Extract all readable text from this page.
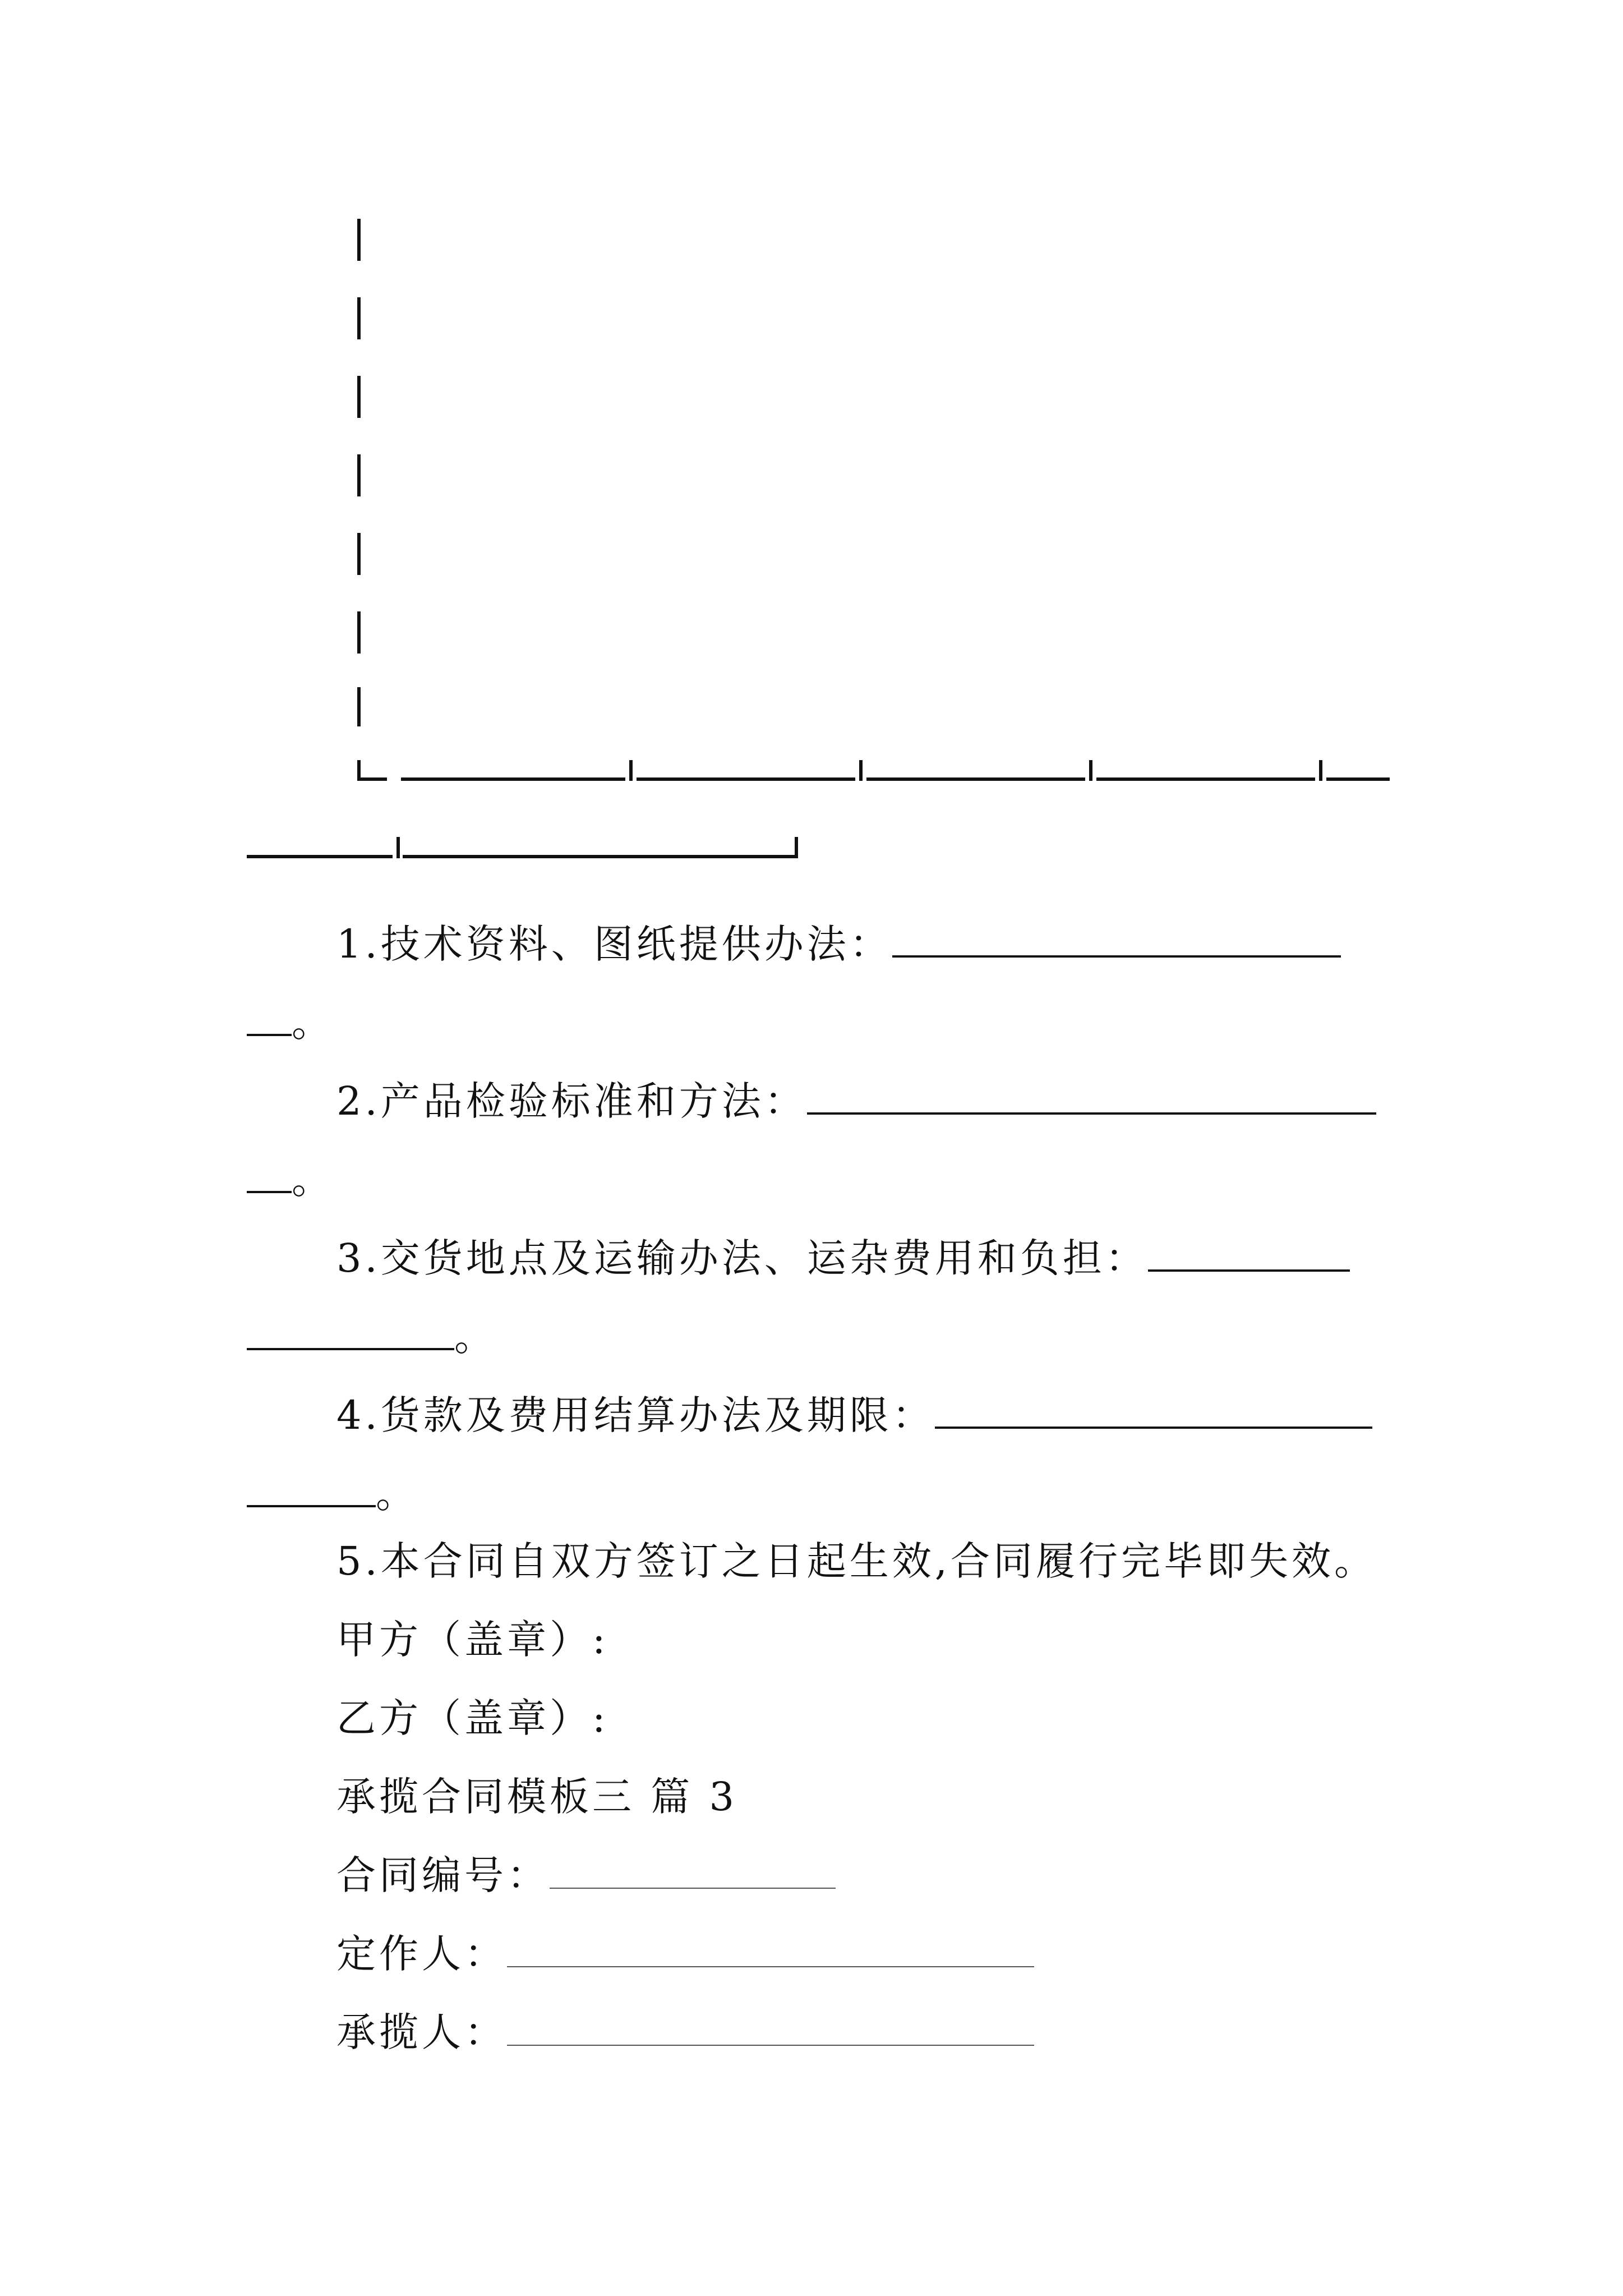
1.技术资料、图纸提供办法：
。
2.产品检验标准和方法：
。
3.交货地点及运输办法、运杂费用和负担：
。
4.货款及费用结算办法及期限：
。
5.本合同自双方签订之日起生效,合同履行完毕即失效。
甲方（盖章）:
乙方（盖章）:
承揽合同模板三 篇 3
合同编号：
定作人：
承揽人：
